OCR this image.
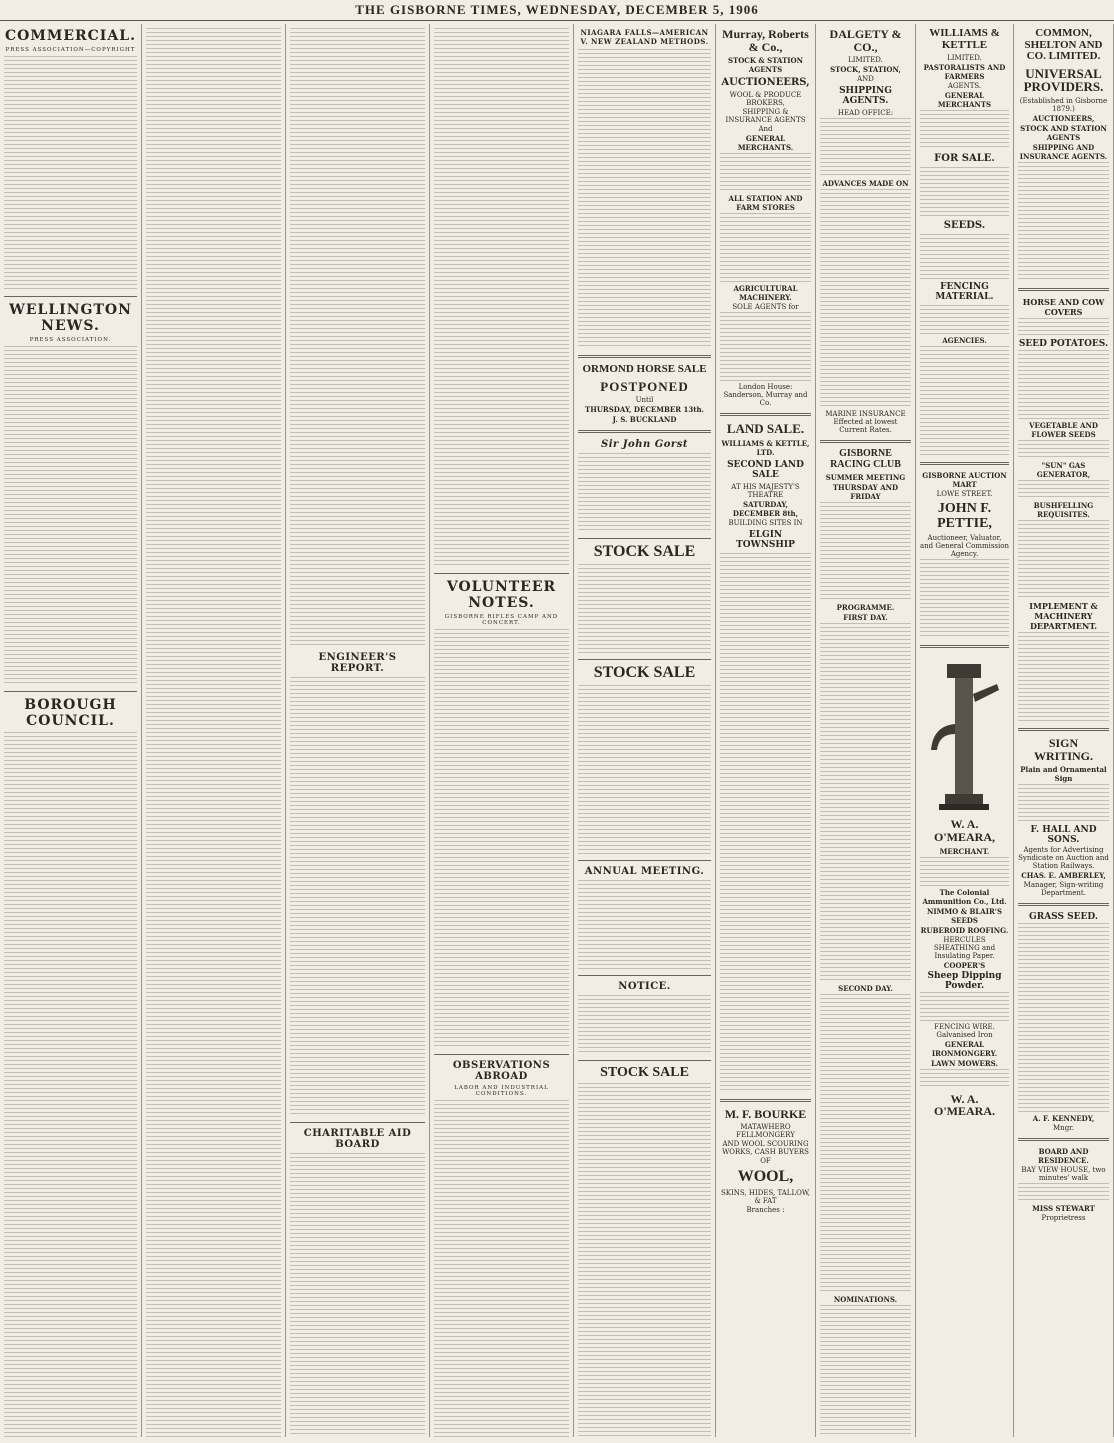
THE GISBORNE TIMES, WEDNESDAY, DECEMBER 5, 1906
COMMERCIAL.
PRESS ASSOCIATION—COPYRIGHT
WELLINGTON NEWS.
PRESS ASSOCIATION.
BOROUGH COUNCIL.
ENGINEER'S REPORT.
CHARITABLE AID BOARD
VOLUNTEER NOTES.
GISBORNE RIFLES CAMP AND CONCERT.
OBSERVATIONS ABROAD
LABOR AND INDUSTRIAL CONDITIONS.
NIAGARA FALLS—AMERICAN V. NEW ZEALAND METHODS.
ORMOND HORSE SALE
POSTPONED
Until
THURSDAY, DECEMBER 13th.
J. S. BUCKLAND
Sir John Gorst
STOCK SALE
STOCK SALE
ANNUAL MEETING.
NOTICE.
STOCK SALE
Murray, Roberts & Co.,
STOCK & STATION AGENTS
AUCTIONEERS,
WOOL & PRODUCE BROKERS,
SHIPPING & INSURANCE AGENTS
And
GENERAL MERCHANTS.
ALL STATION AND FARM STORES
AGRICULTURAL MACHINERY.
SOLE AGENTS for
London House: Sanderson, Murray and Co.
LAND SALE.
WILLIAMS & KETTLE, LTD.
SECOND LAND SALE
AT HIS MAJESTY'S THEATRE
SATURDAY, DECEMBER 8th,
BUILDING SITES IN
ELGIN TOWNSHIP
M. F. BOURKE
MATAWHERO FELLMONGERY
AND WOOL SCOURING WORKS, CASH BUYERS
OF
WOOL,
SKINS, HIDES, TALLOW, & FAT
Branches :
DALGETY & CO.,
LIMITED.
STOCK, STATION,
AND
SHIPPING AGENTS.
HEAD OFFICE:
ADVANCES MADE ON
MARINE INSURANCE Effected at lowest Current Rates.
GISBORNE RACING CLUB
SUMMER MEETING
THURSDAY AND FRIDAY
PROGRAMME.
FIRST DAY.
SECOND DAY.
NOMINATIONS.
WILLIAMS & KETTLE
LIMITED.
PASTORALISTS AND FARMERS
AGENTS.
GENERAL MERCHANTS
FOR SALE.
SEEDS.
FENCING MATERIAL.
AGENCIES.
GISBORNE AUCTION MART
LOWE STREET.
JOHN F. PETTIE,
Auctioneer, Valuator, and General Commission Agency.
W. A. O'MEARA,
MERCHANT.
The Colonial Ammunition Co., Ltd.
NIMMO & BLAIR'S SEEDS
RUBEROID ROOFING.
HERCULES SHEATHING and Insulating Paper.
COOPER'S
Sheep Dipping Powder.
FENCING WIRE. Galvanised Iron
GENERAL IRONMONGERY.
LAWN MOWERS.
W. A. O'MEARA.
COMMON, SHELTON AND CO. LIMITED.
UNIVERSAL PROVIDERS.
(Established in Gisborne 1879.)
AUCTIONEERS,
STOCK AND STATION AGENTS
SHIPPING AND INSURANCE AGENTS.
HORSE AND COW COVERS
SEED POTATOES.
VEGETABLE AND FLOWER SEEDS
"SUN" GAS GENERATOR,
BUSHFELLING REQUISITES.
IMPLEMENT & MACHINERY DEPARTMENT.
SIGN WRITING.
Plain and Ornamental Sign
F. HALL AND SONS.
Agents for Advertising Syndicate on Auction and Station Railways.
CHAS. E. AMBERLEY,
Manager, Sign-writing Department.
GRASS SEED.
A. F. KENNEDY,
Mngr.
BOARD AND RESIDENCE.
BAY VIEW HOUSE, two minutes' walk
MISS STEWART
Proprietress
